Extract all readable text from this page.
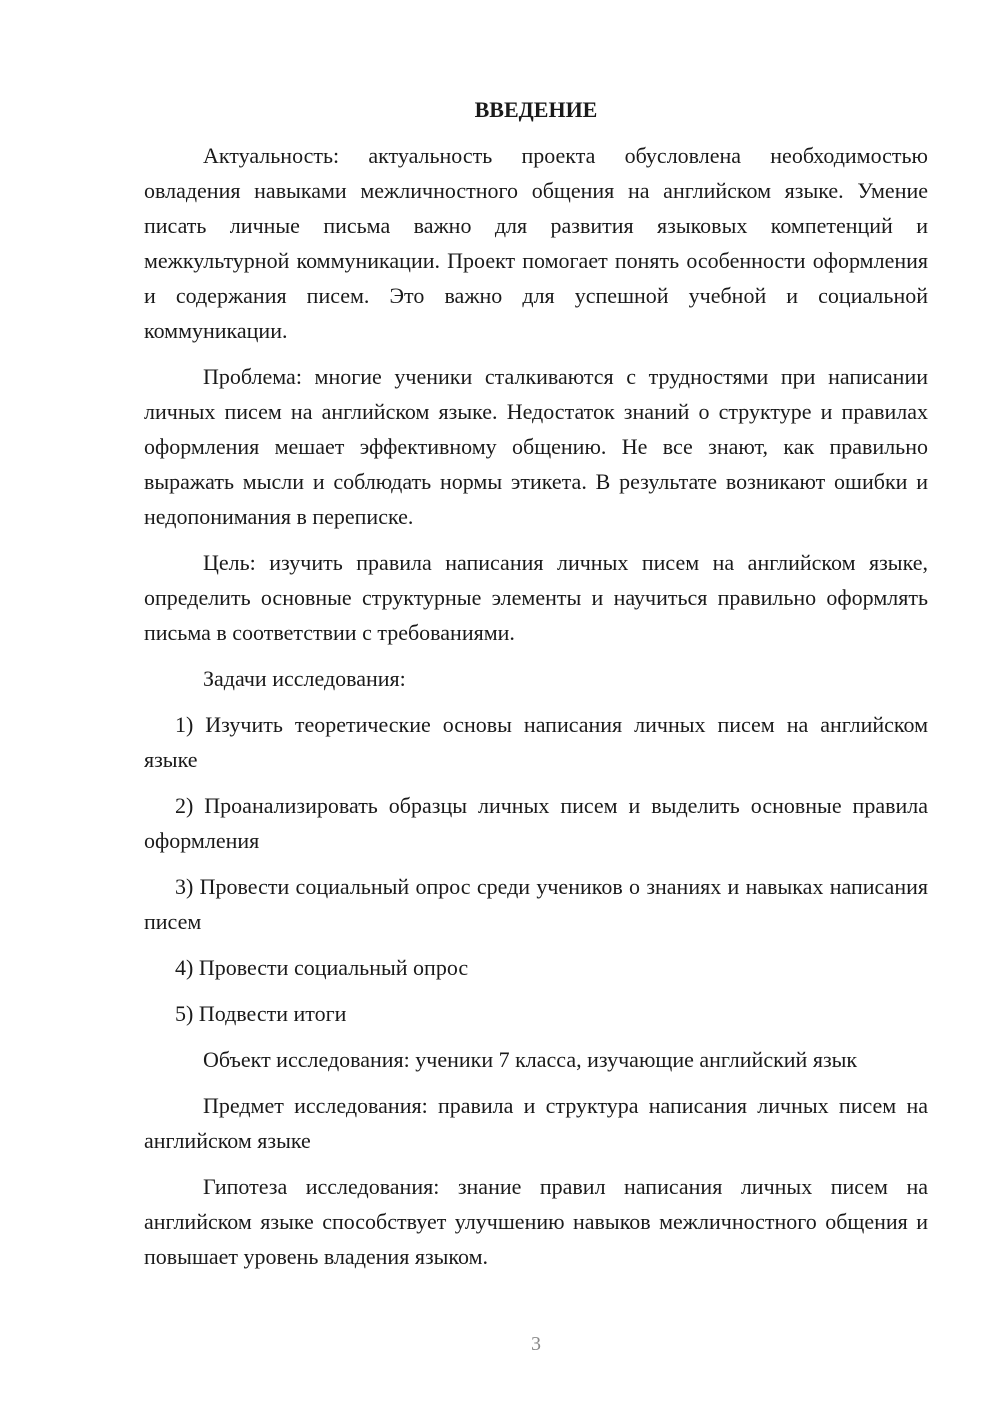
ВВЕДЕНИЕ
Актуальность: актуальность проекта обусловлена необходимостью овладения навыками межличностного общения на английском языке. Умение писать личные письма важно для развития языковых компетенций и межкультурной коммуникации. Проект помогает понять особенности оформления и содержания писем. Это важно для успешной учебной и социальной коммуникации.
Проблема: многие ученики сталкиваются с трудностями при написании личных писем на английском языке. Недостаток знаний о структуре и правилах оформления мешает эффективному общению. Не все знают, как правильно выражать мысли и соблюдать нормы этикета. В результате возникают ошибки и недопонимания в переписке.
Цель: изучить правила написания личных писем на английском языке, определить основные структурные элементы и научиться правильно оформлять письма в соответствии с требованиями.
Задачи исследования:
1) Изучить теоретические основы написания личных писем на английском языке
2) Проанализировать образцы личных писем и выделить основные правила оформления
3) Провести социальный опрос среди учеников о знаниях и навыках написания писем
4) Провести социальный опрос
5) Подвести итоги
Объект исследования: ученики 7 класса, изучающие английский язык
Предмет исследования: правила и структура написания личных писем на английском языке
Гипотеза исследования: знание правил написания личных писем на английском языке способствует улучшению навыков межличностного общения и повышает уровень владения языком.
3
